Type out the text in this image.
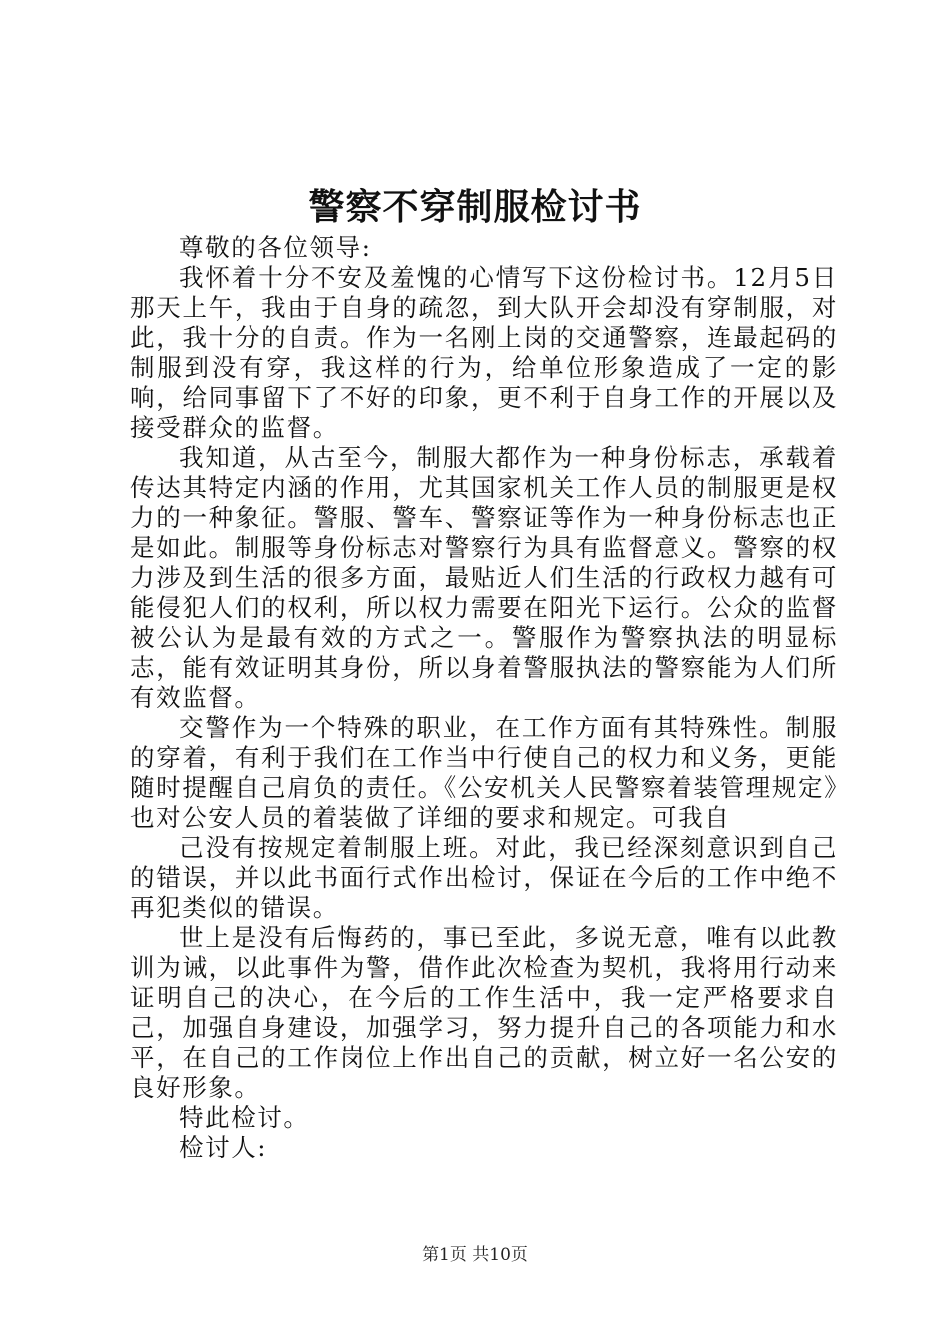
警察不穿制服检讨书

尊敬的各位领导:

我怀着十分不安及羞愧的心情写下这份检讨书。12月5日那天上午，我由于自身的疏忽，到大队开会却没有穿制服，对此，我十分的自责。作为一名刚上岗的交通警察，连最起码的制服到没有穿，我这样的行为，给单位形象造成了一定的影响，给同事留下了不好的印象，更不利于自身工作的开展以及接受群众的监督。

我知道，从古至今，制服大都作为一种身份标志，承载着传达其特定内涵的作用，尤其国家机关工作人员的制服更是权力的一种象征。警服、警车、警察证等作为一种身份标志也正是如此。制服等身份标志对警察行为具有监督意义。警察的权力涉及到生活的很多方面，最贴近人们生活的行政权力越有可能侵犯人们的权利，所以权力需要在阳光下运行。公众的监督被公认为是最有效的方式之一。警服作为警察执法的明显标志，能有效证明其身份，所以身着警服执法的警察能为人们所有效监督。

交警作为一个特殊的职业，在工作方面有其特殊性。制服的穿着，有利于我们在工作当中行使自己的权力和义务，更能随时提醒自己肩负的责任。《公安机关人民警察着装管理规定》也对公安人员的着装做了详细的要求和规定。可我自

己没有按规定着制服上班。对此，我已经深刻意识到自己的错误，并以此书面行式作出检讨，保证在今后的工作中绝不再犯类似的错误。

世上是没有后悔药的，事已至此，多说无意，唯有以此教训为诫，以此事件为警，借作此次检查为契机，我将用行动来证明自己的决心，在今后的工作生活中，我一定严格要求自己，加强自身建设，加强学习，努力提升自己的各项能力和水平，在自己的工作岗位上作出自己的贡献，树立好一名公安的良好形象。

特此检讨。

检讨人:

第1页 共10页
